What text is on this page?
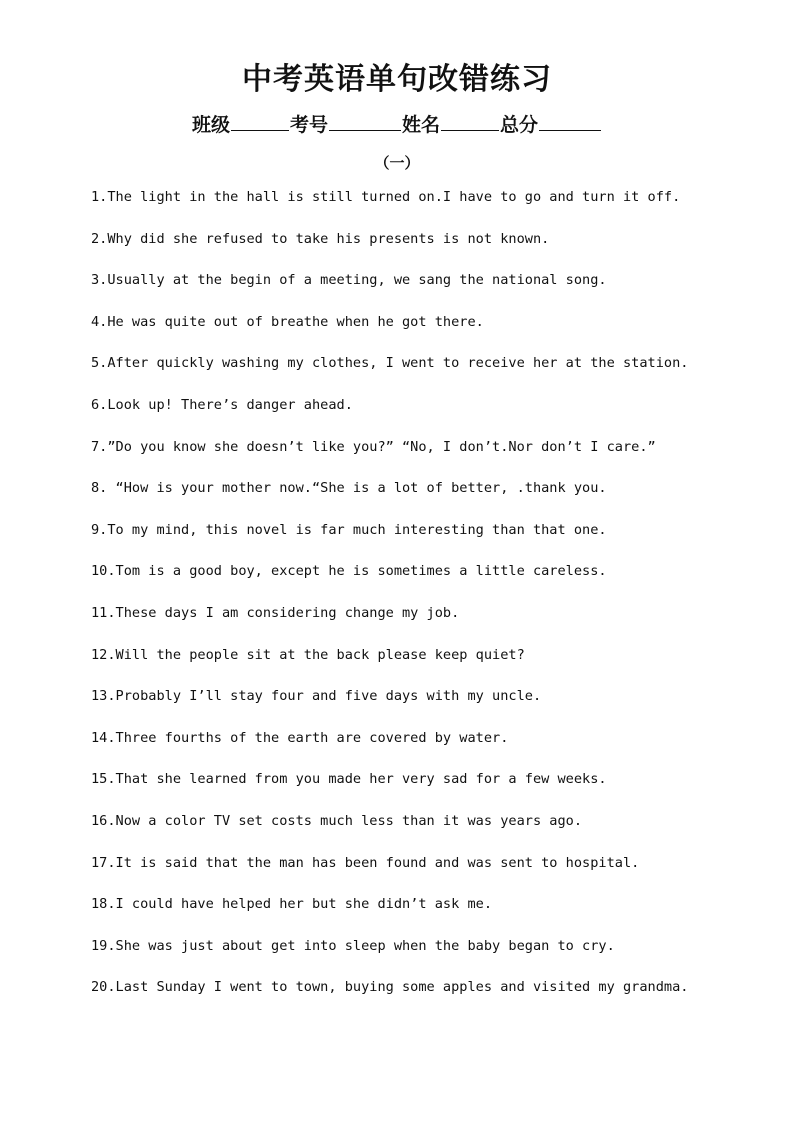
中考英语单句改错练习
班级	考号	姓名	总分
（一）
1.The light in the hall is still turned on.I have to go and turn it off.
2.Why did she refused to take his presents is not known.
3.Usually at the begin of a meeting, we sang the national song.
4.He was quite out of breathe when he got there.
5.After quickly washing my clothes, I went to receive her at the station.
6.Look up! There’s danger ahead.
7.”Do you know she doesn’t like you?” “No, I don’t.Nor don’t I care.”
8. “How is your mother now.“She is a lot of better, .thank you.
9.To my mind, this novel is far much interesting than that one.
10.Tom is a good boy, except he is sometimes a little careless.
11.These days I am considering change my job.
12.Will the people sit at the back please keep quiet?
13.Probably I’ll stay four and five days with my uncle.
14.Three fourths of the earth are covered by water.
15.That she learned from you made her very sad for a few weeks.
16.Now a color TV set costs much less than it was years ago.
17.It is said that the man has been found and was sent to hospital.
18.I could have helped her but she didn’t ask me.
19.She was just about get into sleep when the baby began to cry.
20.Last Sunday I went to town, buying some apples and visited my grandma.
